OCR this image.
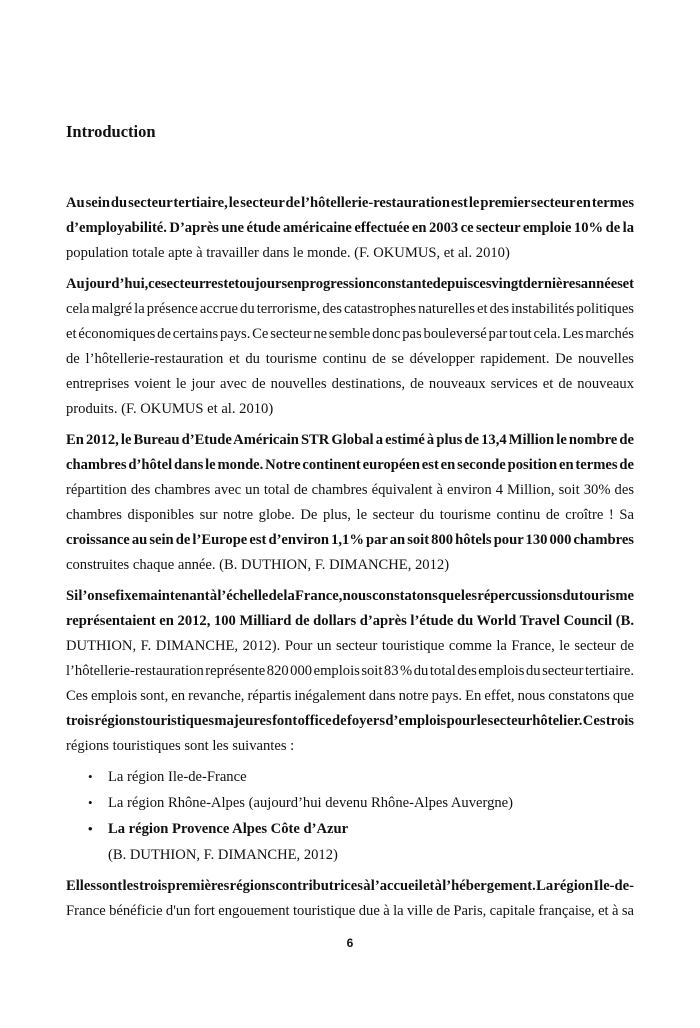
Introduction
Au sein du secteur tertiaire, le secteur de l’hôtellerie-restauration est le premier secteur en termes
d’employabilité. D’après une étude américaine effectuée en 2003 ce secteur emploie 10% de la
population totale apte à travailler dans le monde. (F. OKUMUS, et al. 2010)
Aujourd’hui, ce secteur reste toujours en progression constante depuis ces vingt dernières années et
cela malgré la présence accrue du terrorisme, des catastrophes naturelles et des instabilités politiques
et économiques de certains pays. Ce secteur ne semble donc pas bouleversé par tout cela. Les marchés
de l’hôtellerie-restauration et du tourisme continu de se développer rapidement. De nouvelles
entreprises voient le jour avec de nouvelles destinations, de nouveaux services et de nouveaux
produits. (F. OKUMUS et al. 2010)
En 2012, le Bureau d’Etude Américain STR Global a estimé à plus de 13,4 Million le nombre de
chambres d’hôtel dans le monde. Notre continent européen est en seconde position en termes de
répartition des chambres avec un total de chambres équivalent à environ 4 Million, soit 30% des
chambres disponibles sur notre globe. De plus, le secteur du tourisme continu de croître ! Sa
croissance au sein de l’Europe est d’environ 1,1% par an soit 800 hôtels pour 130 000 chambres
construites chaque année. (B. DUTHION, F. DIMANCHE, 2012)
Si l’on se fixe maintenant à l’échelle de la France, nous constatons que les répercussions du tourisme
représentaient en 2012, 100 Milliard de dollars d’après l’étude du World Travel Council (B.
DUTHION, F. DIMANCHE, 2012). Pour un secteur touristique comme la France, le secteur de
l’hôtellerie-restauration représente 820 000 emplois soit 83 % du total des emplois du secteur tertiaire.
Ces emplois sont, en revanche, répartis inégalement dans notre pays. En effet, nous constatons que
trois régions touristiques majeures font office de foyers d’emplois pour le secteur hôtelier. Ces trois
régions touristiques sont les suivantes :
•La région Ile-de-France
•La région Rhône-Alpes (aujourd’hui devenu Rhône-Alpes Auvergne)
•La région Provence Alpes Côte d’Azur
(B. DUTHION, F. DIMANCHE, 2012)
Elles sont les trois premières régions contributrices à l’accueil et à l’hébergement. La région Ile-de-
France bénéficie d'un fort engouement touristique due à la ville de Paris, capitale française, et à sa
6
